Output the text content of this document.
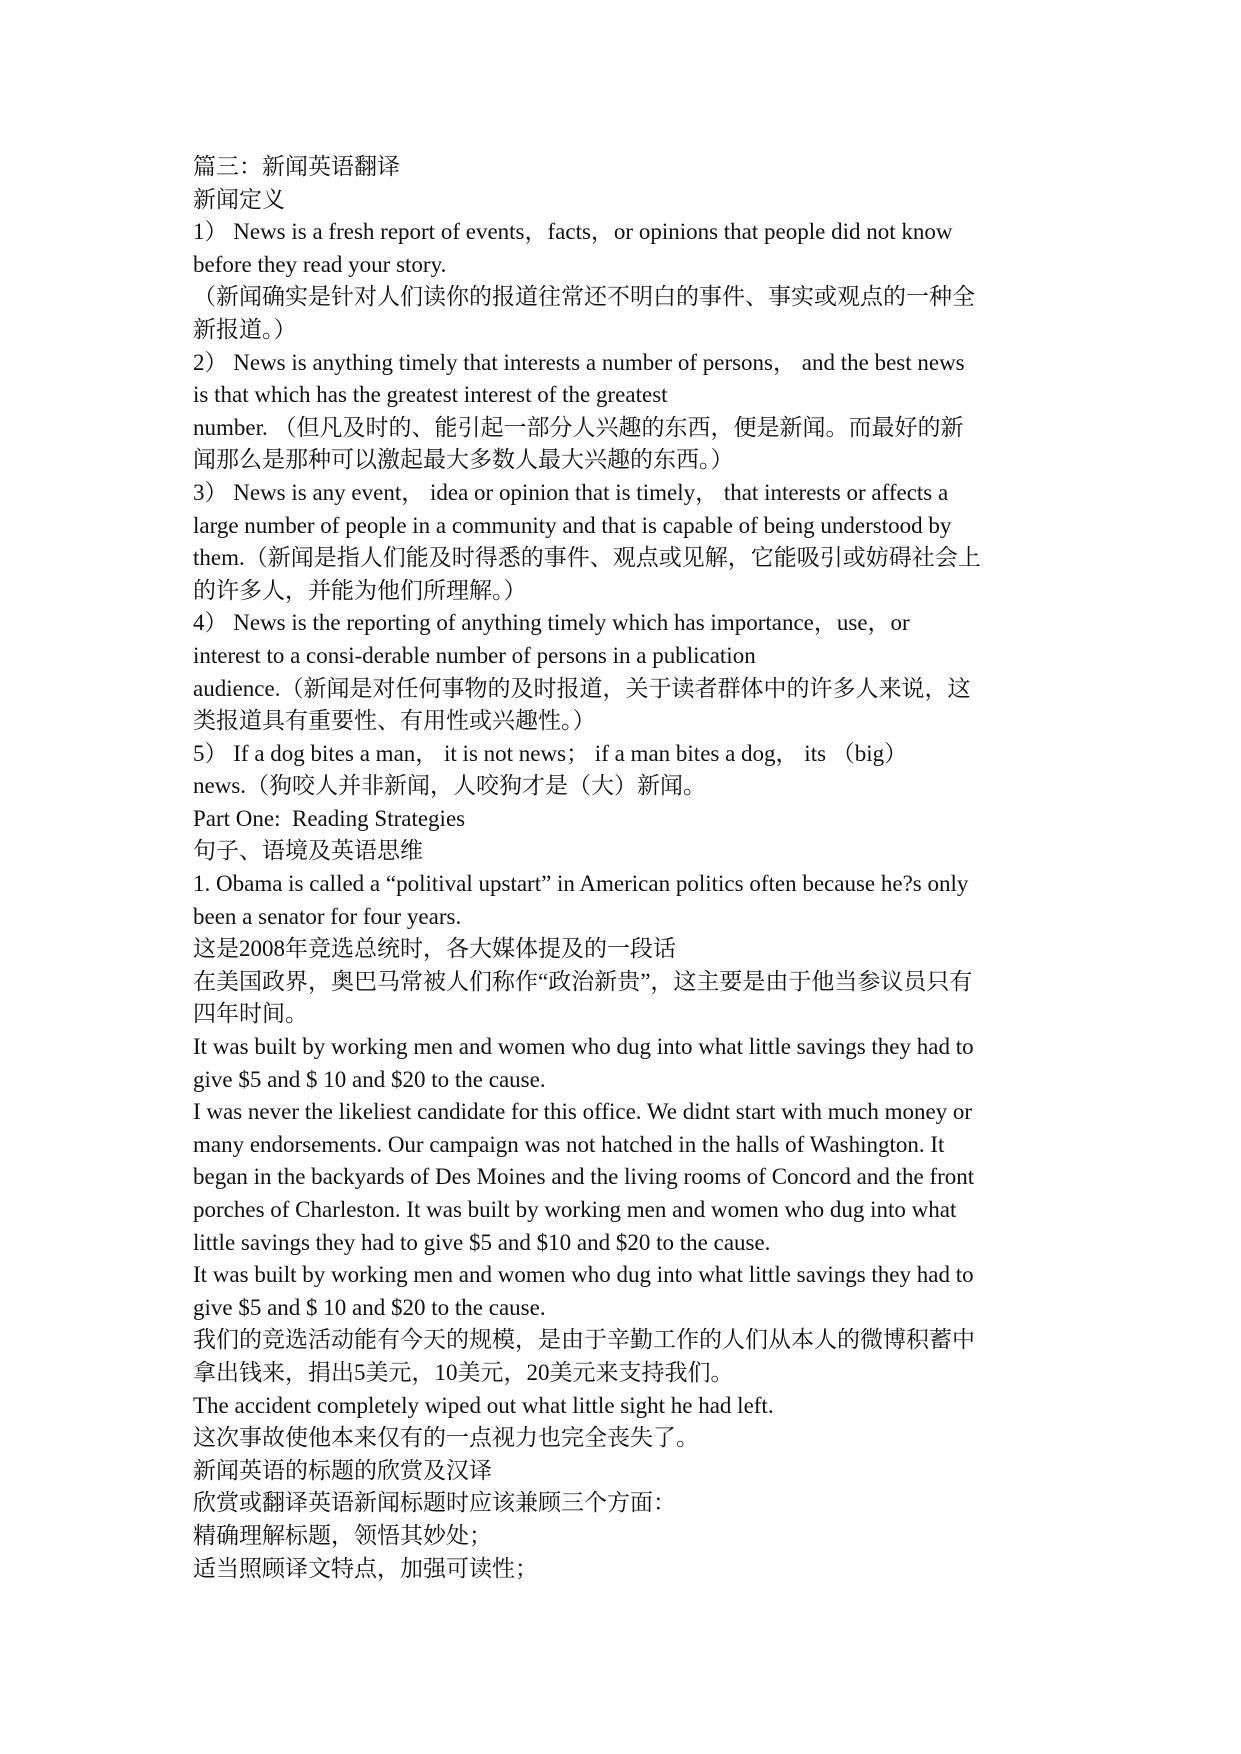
篇三：新闻英语翻译
新闻定义
1） News is a fresh report of events，facts，or opinions that people did not know
before they read your story.
（新闻确实是针对人们读你的报道往常还不明白的事件、事实或观点的一种全
新报道。）
2） News is anything timely that interests a number of persons， and the best news
is that which has the greatest interest of the greatest
number. （但凡及时的、能引起一部分人兴趣的东西，便是新闻。而最好的新
闻那么是那种可以激起最大多数人最大兴趣的东西。）
3） News is any event， idea or opinion that is timely， that interests or affects a
large number of people in a community and that is capable of being understood by
them.（新闻是指人们能及时得悉的事件、观点或见解，它能吸引或妨碍社会上
的许多人，并能为他们所理解。）
4） News is the reporting of anything timely which has importance，use，or
interest to a consi-derable number of persons in a publication
audience.（新闻是对任何事物的及时报道，关于读者群体中的许多人来说，这
类报道具有重要性、有用性或兴趣性。）
5） If a dog bites a man， it is not news； if a man bites a dog， its （big）
news.（狗咬人并非新闻，人咬狗才是（大）新闻。
Part One:  Reading Strategies
句子、语境及英语思维
1. Obama is called a “politival upstart” in American politics often because he?s only
been a senator for four years.
这是2008年竞选总统时，各大媒体提及的一段话
在美国政界，奥巴马常被人们称作“政治新贵”，这主要是由于他当参议员只有
四年时间。
It was built by working men and women who dug into what little savings they had to
give $5 and $ 10 and $20 to the cause.
I was never the likeliest candidate for this office. We didnt start with much money or
many endorsements. Our campaign was not hatched in the halls of Washington. It
began in the backyards of Des Moines and the living rooms of Concord and the front
porches of Charleston. It was built by working men and women who dug into what
little savings they had to give $5 and $10 and $20 to the cause.
It was built by working men and women who dug into what little savings they had to
give $5 and $ 10 and $20 to the cause.
我们的竞选活动能有今天的规模，是由于辛勤工作的人们从本人的微博积蓄中
拿出钱来，捐出5美元，10美元，20美元来支持我们。
The accident completely wiped out what little sight he had left.
这次事故使他本来仅有的一点视力也完全丧失了。
新闻英语的标题的欣赏及汉译
欣赏或翻译英语新闻标题时应该兼顾三个方面：
精确理解标题，领悟其妙处；
适当照顾译文特点，加强可读性；
